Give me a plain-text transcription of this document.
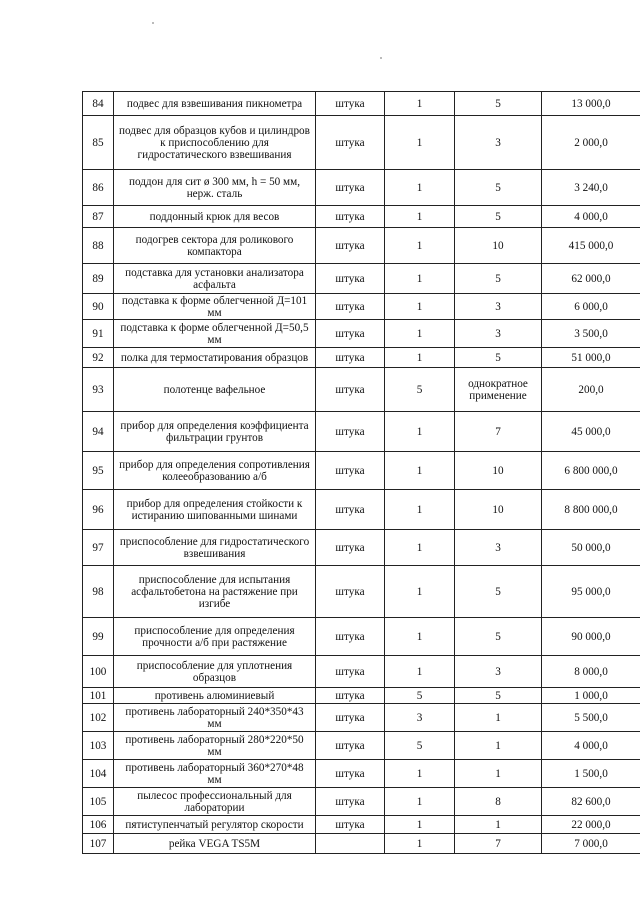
84	подвес для взвешивания пикнометра	штука	1	5	13 000,0
85	подвес для образцов кубов и цилиндров к приспособлению для гидростатического взвешивания	штука	1	3	2 000,0
86	поддон для сит ø 300 мм, h = 50 мм, нерж. сталь	штука	1	5	3 240,0
87	поддонный крюк для весов	штука	1	5	4 000,0
88	подогрев сектора для роликового компактора	штука	1	10	415 000,0
89	подставка для установки анализатора асфальта	штука	1	5	62 000,0
90	подставка к форме облегченной Д=101 мм	штука	1	3	6 000,0
91	подставка к форме облегченной Д=50,5 мм	штука	1	3	3 500,0
92	полка для термостатирования образцов	штука	1	5	51 000,0
93	полотенце вафельное	штука	5	однократное применение	200,0
94	прибор для определения коэффициента фильтрации грунтов	штука	1	7	45 000,0
95	прибор для определения сопротивления колееобразованию а/б	штука	1	10	6 800 000,0
96	прибор для определения стойкости к истиранию шипованными шинами	штука	1	10	8 800 000,0
97	приспособление для гидростатического взвешивания	штука	1	3	50 000,0
98	приспособление для испытания асфальтобетона на растяжение при изгибе	штука	1	5	95 000,0
99	приспособление для определения прочности а/б при растяжение	штука	1	5	90 000,0
100	приспособление для уплотнения образцов	штука	1	3	8 000,0
101	противень алюминиевый	штука	5	5	1 000,0
102	противень лабораторный 240*350*43 мм	штука	3	1	5 500,0
103	противень лабораторный 280*220*50 мм	штука	5	1	4 000,0
104	противень лабораторный 360*270*48 мм	штука	1	1	1 500,0
105	пылесос профессиональный для лаборатории	штука	1	8	82 600,0
106	пятиступенчатый регулятор скорости	штука	1	1	22 000,0
107	рейка VEGA TS5M		1	7	7 000,0
